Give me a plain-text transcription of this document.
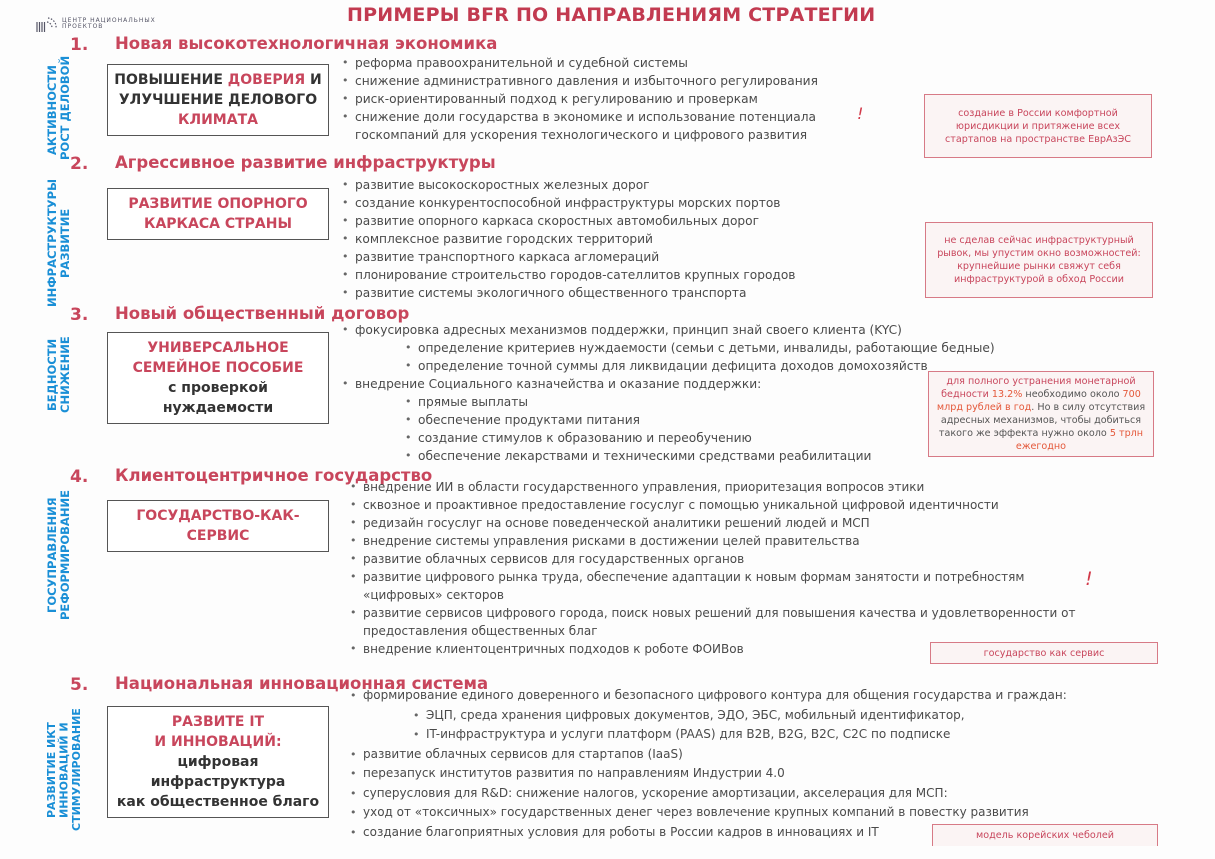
ЦЕНТР НАЦИОНАЛЬНЫХ
ПРОЕКТОВ
ПРИМЕРЫ BFR ПО НАПРАВЛЕНИЯМ СТРАТЕГИИ
1. Новая высокотехнологичная экономика
АКТИВНОСТИ
РОСТ ДЕЛОВОЙ	ПОВЫШЕНИЕ ДОВЕРИЯ И
УЛУЧШЕНИЕ ДЕЛОВОГО
КЛИМАТА
• реформа правоохранительной и судебной системы
• снижение административного давления и избыточного регулирования
• риск-ориентированный подход к регулированию и проверкам
• снижение доли государства в экономике и использование потенциала
госкомпаний для ускорения технологического и цифрового развития
!	создание в России комфортной юрисдикции и притяжение всех стартапов на пространстве ЕврАзЭС
2. Агрессивное развитие инфраструктуры
ИНФРАСТРУКТУРЫ
РАЗВИТИЕ
РАЗВИТИЕ ОПОРНОГО
КАРКАСА СТРАНЫ
• развитие высокоскоростных железных дорог
• создание конкурентоспособной инфраструктуры морских портов
• развитие опорного каркаса скоростных автомобильных дорог
• комплексное развитие городских территорий
• развитие транспортного каркаса агломераций
• плонирование строительство городов-сателлитов крупных городов
• развитие системы экологичного общественного транспорта
не сделав сейчас инфраструктурный рывок, мы упустим окно возможностей: крупнейшие рынки свяжут себя инфраструктурой в обход России
3. Новый общественный договор
БЕДНОСТИ
СНИЖЕНИЕ	УНИВЕРСАЛЬНОЕ
СЕМЕЙНОЕ ПОСОБИЕ
с проверкой
нуждаемости
• фокусировка адресных механизмов поддержки, принцип знай своего клиента (KYC)
• определение критериев нуждаемости (семьи с детьми, инвалиды, работающие бедные)
• определение точной суммы для ликвидации дефицита доходов домохозяйств
• внедрение Социального казначейства и оказание поддержки:
• прямые выплаты
• обеспечение продуктами питания
• создание стимулов к образованию и переобучению
• обеспечение лекарствами и техническими средствами реабилитации
для полного устранения монетарной бедности 13.2% необходимо около 700 млрд рублей в год. Но в силу отсутствия адресных механизмов, чтобы добиться такого же эффекта нужно около 5 трлн ежегодно
4. Клиентоцентричное государство
ГОСУПРАВЛЕНИЯ
РЕФОРМИРОВАНИЕ	ГОСУДАРСТВО-КАК-
СЕРВИС
• внедрение ИИ в области государственного управления, приоритезация вопросов этики
• сквозное и проактивное предоставление госуслуг с помощью уникальной цифровой идентичности
• редизайн госуслуг на основе поведенческой аналитики решений людей и МСП
• внедрение системы управления рисками в достижении целей правительства
• развитие облачных сервисов для государственных органов
• развитие цифрового рынка труда, обеспечение адаптации к новым формам занятости и потребностям
«цифровых» секторов
• развитие сервисов цифрового города, поиск новых решений для повышения качества и удовлетворенности от
предоставления общественных благ
• внедрение клиентоцентричных подходов к роботе ФОИВов
!
государство как сервис
5. Национальная инновационная система
РАЗВИТИЕ ИКТ
ИННОВАЦИЙ И
СТИМУЛИРОВАНИЕ	РАЗВИТЕ IT
И ИННОВАЦИЙ:
цифровая
инфраструктура
как общественное благо
• формирование единого доверенного и безопасного цифрового контура для общения государства и граждан:
• ЭЦП, среда хранения цифровых документов, ЭДО, ЭБС, мобильный идентификатор,
• IT-инфраструктура и услуги платформ (PAAS) для B2B, B2G, B2C, C2C по подписке
• развитие облачных сервисов для стартапов (IaaS)
• перезапуск институтов развития по направлениям Индустрии 4.0
• суперусловия для R&D: снижение налогов, ускорение амортизации, акселерация для МСП:
• уход от «токсичных» государственных денег через вовлечение крупных компаний в повестку развития
• создание благоприятных условия для роботы в России кадров в инновациях и IT	модель корейских чеболей
